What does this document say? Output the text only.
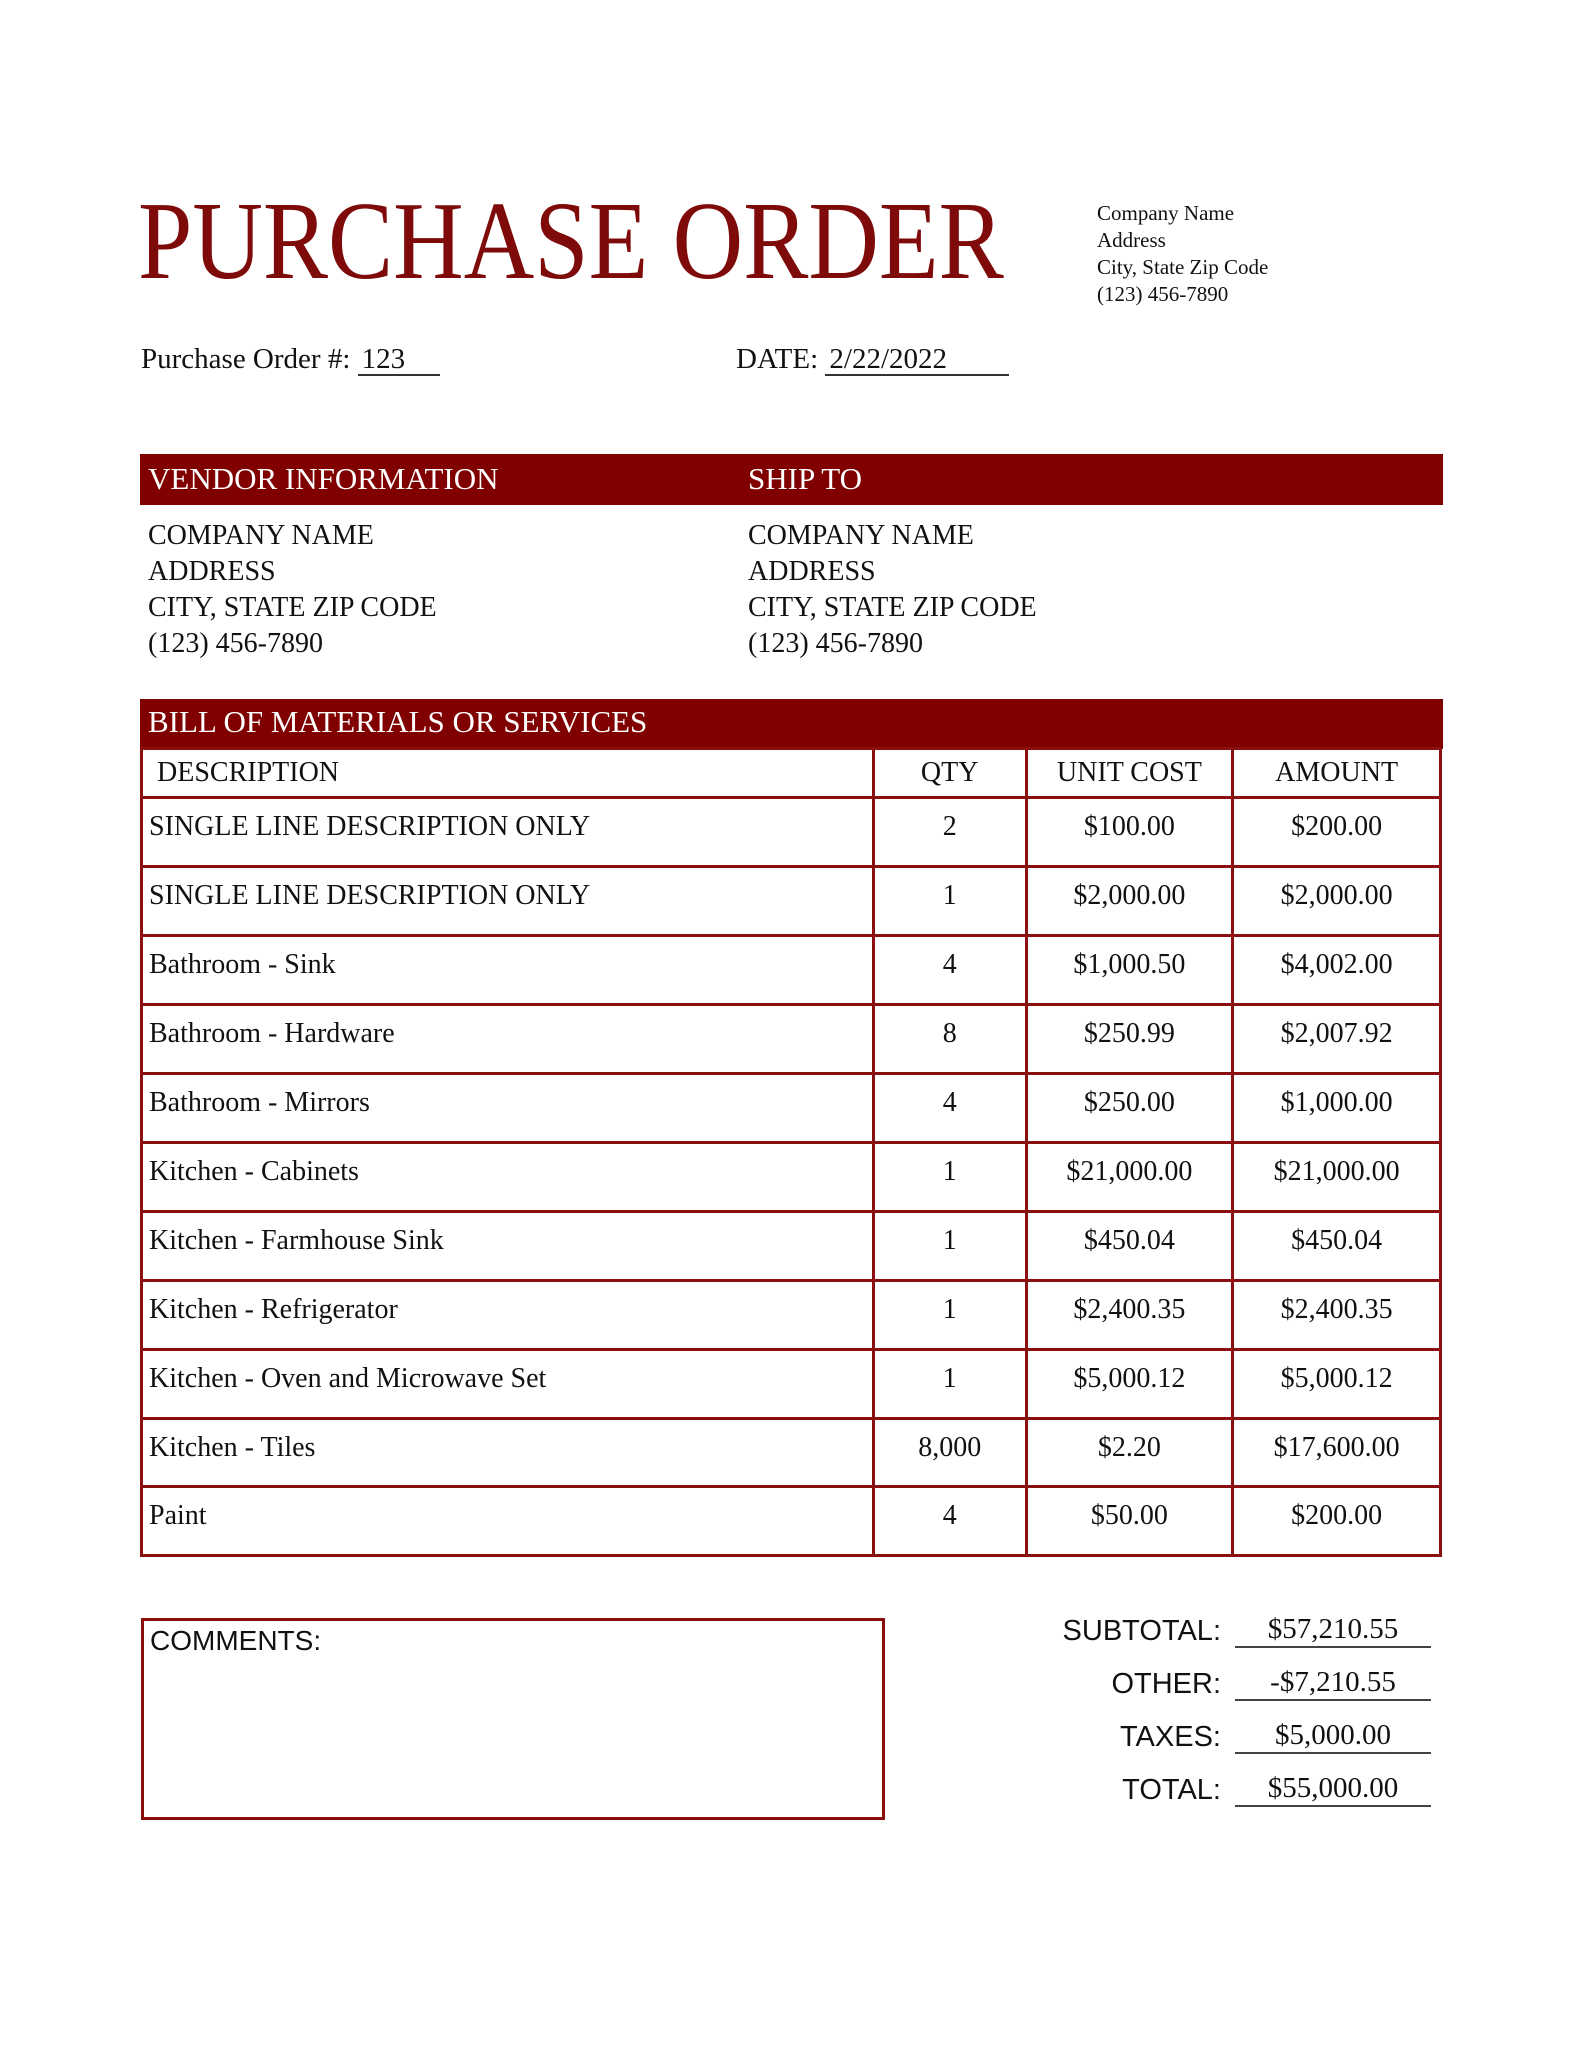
PURCHASE ORDER	Company Name
Address
City, State Zip Code
(123) 456-7890
Purchase Order #: 123	DATE: 2/22/2022
VENDOR INFORMATION	SHIP TO
COMPANY NAME
ADDRESS
CITY, STATE ZIP CODE
(123) 456-7890
COMPANY NAME
ADDRESS
CITY, STATE ZIP CODE
(123) 456-7890
BILL OF MATERIALS OR SERVICES
DESCRIPTION	QTY	UNIT COST	AMOUNT
SINGLE LINE DESCRIPTION ONLY	2	$100.00	$200.00
SINGLE LINE DESCRIPTION ONLY	1	$2,000.00	$2,000.00
Bathroom - Sink	4	$1,000.50	$4,002.00
Bathroom - Hardware	8	$250.99	$2,007.92
Bathroom - Mirrors	4	$250.00	$1,000.00
Kitchen - Cabinets	1	$21,000.00	$21,000.00
Kitchen - Farmhouse Sink	1	$450.04	$450.04
Kitchen - Refrigerator	1	$2,400.35	$2,400.35
Kitchen - Oven and Microwave Set	1	$5,000.12	$5,000.12
Kitchen - Tiles	8,000	$2.20	$17,600.00
Paint	4	$50.00	$200.00
COMMENTS:	SUBTOTAL:	$57,210.55
OTHER:	-$7,210.55
TAXES:	$5,000.00
TOTAL:	$55,000.00
